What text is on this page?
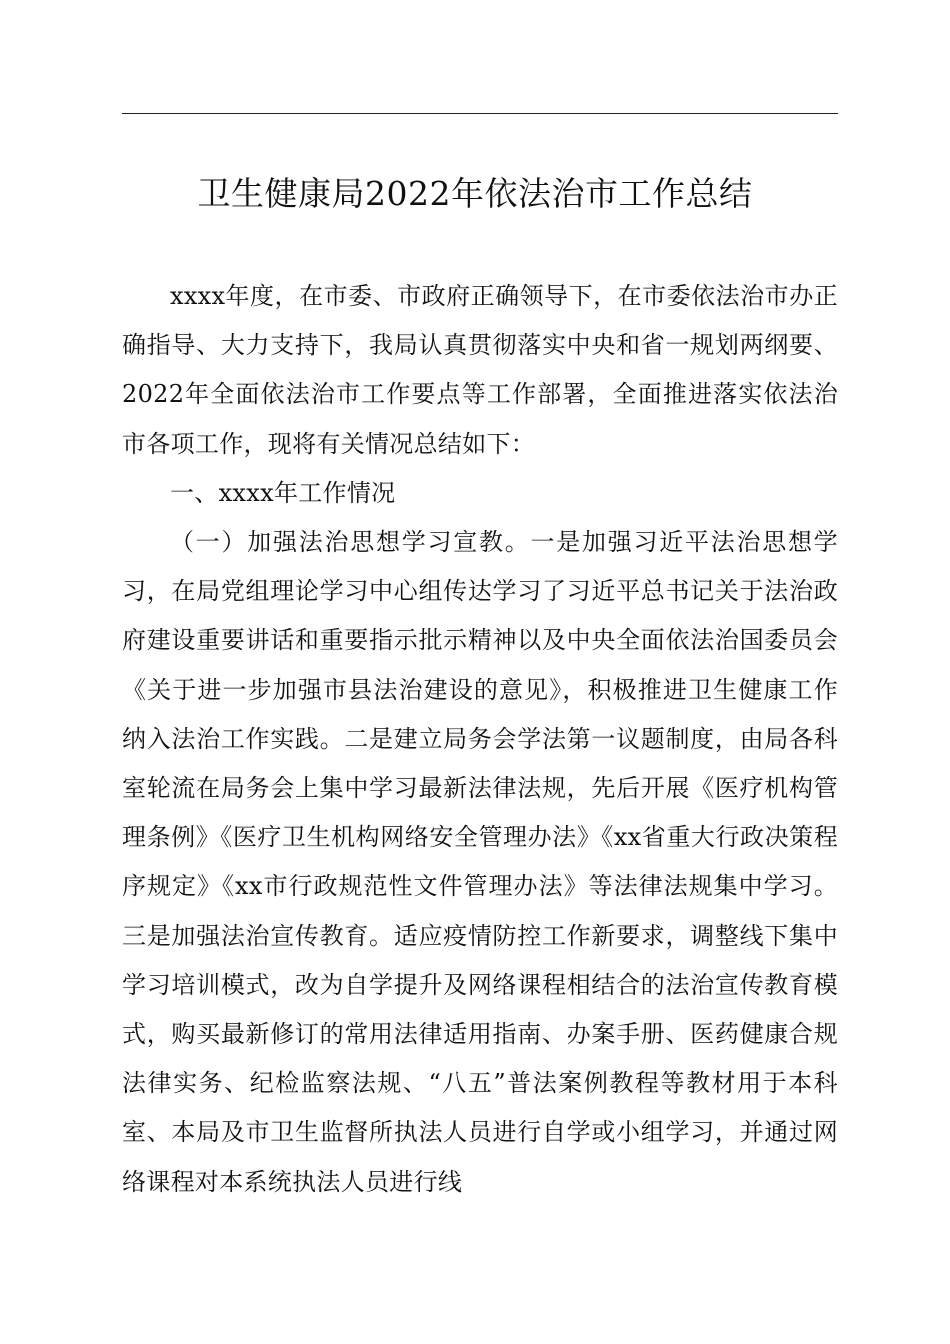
卫生健康局2022年依法治市工作总结

xxxx年度，在市委、市政府正确领导下，在市委依法治市办正确指导、大力支持下，我局认真贯彻落实中央和省一规划两纲要、2022年全面依法治市工作要点等工作部署，全面推进落实依法治市各项工作，现将有关情况总结如下：

一、xxxx年工作情况

（一）加强法治思想学习宣教。一是加强习近平法治思想学习，在局党组理论学习中心组传达学习了习近平总书记关于法治政府建设重要讲话和重要指示批示精神以及中央全面依法治国委员会《关于进一步加强市县法治建设的意见》，积极推进卫生健康工作纳入法治工作实践。二是建立局务会学法第一议题制度，由局各科室轮流在局务会上集中学习最新法律法规，先后开展《医疗机构管理条例》《医疗卫生机构网络安全管理办法》《xx省重大行政决策程序规定》《xx市行政规范性文件管理办法》等法律法规集中学习。三是加强法治宣传教育。适应疫情防控工作新要求，调整线下集中学习培训模式，改为自学提升及网络课程相结合的法治宣传教育模式，购买最新修订的常用法律适用指南、办案手册、医药健康合规法律实务、纪检监察法规、“八五”普法案例教程等教材用于本科室、本局及市卫生监督所执法人员进行自学或小组学习，并通过网络课程对本系统执法人员进行线
